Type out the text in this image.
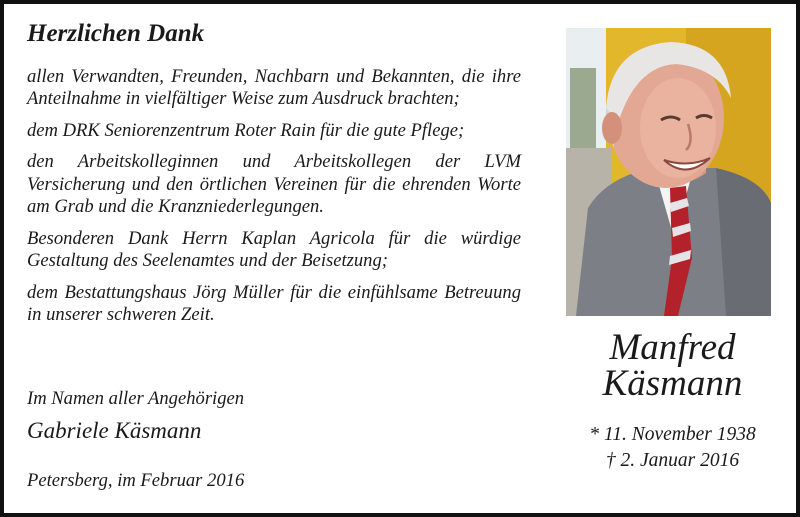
Herzlichen Dank

allen Verwandten, Freunden, Nachbarn und Bekannten, die ihre Anteilnahme in vielfältiger Weise zum Ausdruck brachten;

dem DRK Seniorenzentrum Roter Rain für die gute Pflege;

den Arbeitskolleginnen und Arbeitskollegen der LVM Versicherung und den örtlichen Vereinen für die ehrenden Worte am Grab und die Kranzniederlegungen.

Besonderen Dank Herrn Kaplan Agricola für die würdige Gestaltung des Seelenamtes und der Beisetzung;

dem Bestattungshaus Jörg Müller für die einfühlsame Betreuung in unserer schweren Zeit.

Im Namen aller Angehörigen
Gabriele Käsmann
Petersberg, im Februar 2016
Manfred
Käsmann
* 11. November 1938
† 2. Januar 2016
